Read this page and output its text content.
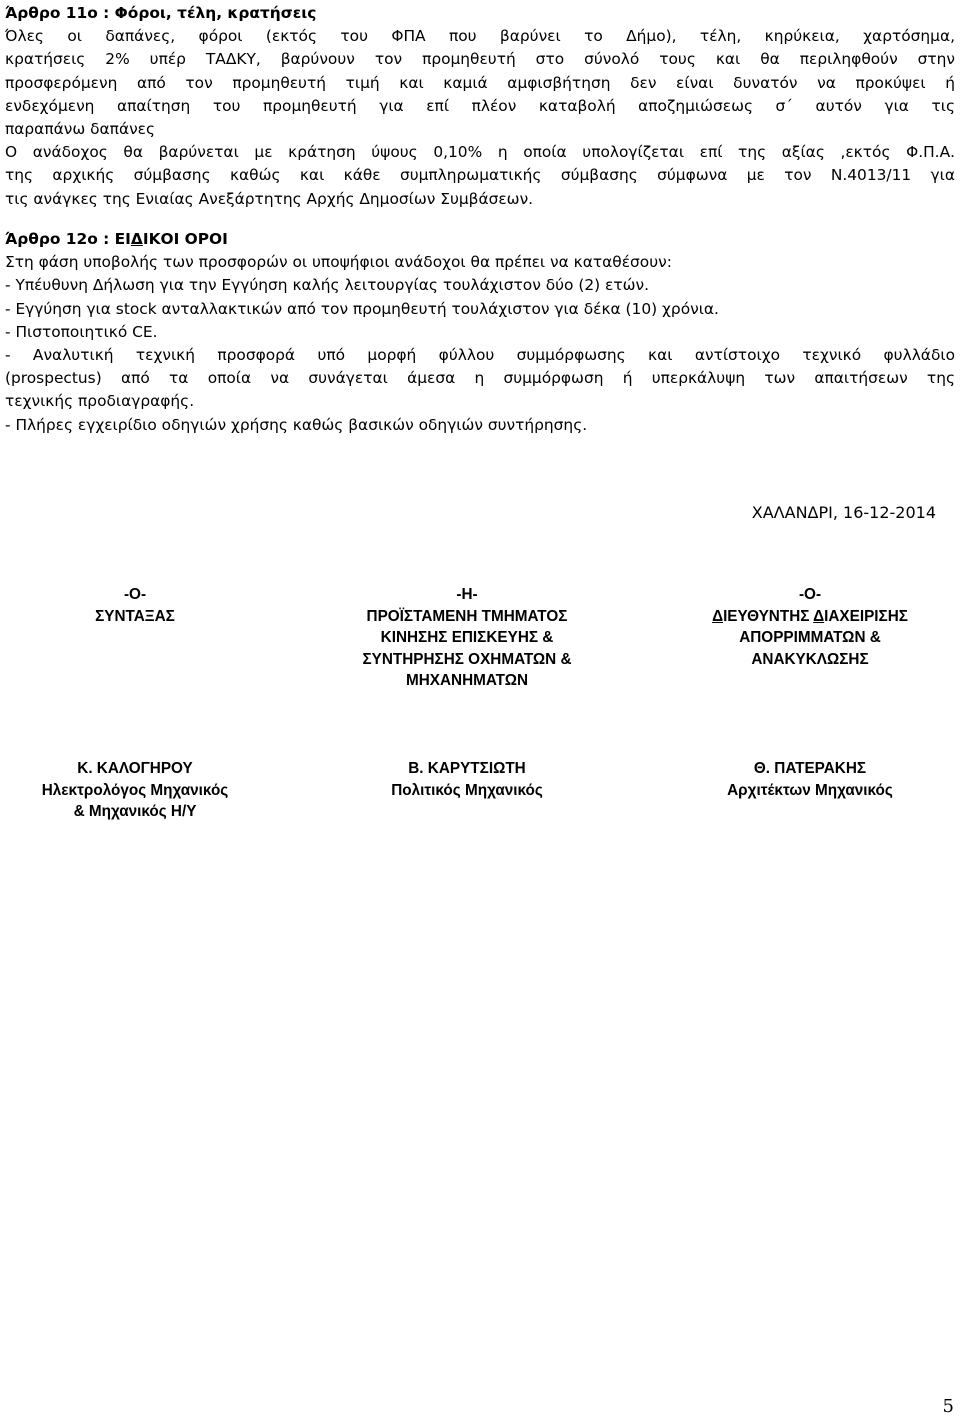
Άρθρο 11ο : Φόροι, τέλη, κρατήσεις
Όλες οι δαπάνες, φόροι (εκτός του ΦΠΑ που βαρύνει το Δήμο), τέλη, κηρύκεια, χαρτόσημα,
κρατήσεις 2% υπέρ ΤΑΔΚΥ, βαρύνουν τον προμηθευτή στο σύνολό τους και θα περιληφθούν στην
προσφερόμενη από τον προμηθευτή τιμή και καμιά αμφισβήτηση δεν είναι δυνατόν να προκύψει ή
ενδεχόμενη απαίτηση του προμηθευτή για επί πλέον καταβολή αποζημιώσεως σ΄ αυτόν για τις
παραπάνω δαπάνες
Ο ανάδοχος θα βαρύνεται με κράτηση ύψους 0,10% η οποία υπολογίζεται επί της αξίας ,εκτός Φ.Π.Α.
της αρχικής σύμβασης καθώς και κάθε συμπληρωματικής σύμβασης σύμφωνα με τον Ν.4013/11 για
τις ανάγκες της Ενιαίας Ανεξάρτητης Αρχής Δημοσίων Συμβάσεων.
Άρθρο 12ο : ΕΙΔΙΚΟΙ ΟΡΟΙ
Στη φάση υποβολής των προσφορών οι υποψήφιοι ανάδοχοι θα πρέπει να καταθέσουν:
- Υπέυθυνη Δήλωση για την Εγγύηση καλής λειτουργίας τουλάχιστον δύο (2) ετών.
- Εγγύηση για stock ανταλλακτικών από τον προμηθευτή τουλάχιστον για δέκα (10) χρόνια.
- Πιστοποιητικό CE.
- Αναλυτική τεχνική προσφορά υπό μορφή φύλλου συμμόρφωσης και αντίστοιχο τεχνικό φυλλάδιο
(prospectus) από τα οποία να συνάγεται άμεσα η συμμόρφωση ή υπερκάλυψη των απαιτήσεων της
τεχνικής προδιαγραφής.
- Πλήρες εγχειρίδιο οδηγιών χρήσης καθώς βασικών οδηγιών συντήρησης.
ΧΑΛΑΝΔΡΙ, 16-12-2014
-Ο-
ΣΥΝΤΑΞΑΣ
Κ. ΚΑΛΟΓΗΡΟΥ
Ηλεκτρολόγος Μηχανικός
& Μηχανικός Η/Υ
-Η-
ΠΡΟΪΣΤΑΜΕΝΗ ΤΜΗΜΑΤΟΣ
ΚΙΝΗΣΗΣ ΕΠΙΣΚΕΥΗΣ &
ΣΥΝΤΗΡΗΣΗΣ ΟΧΗΜΑΤΩΝ &
ΜΗΧΑΝΗΜΑΤΩΝ
Β. ΚΑΡΥΤΣΙΩΤΗ
Πολιτικός Μηχανικός
-Ο-
ΔΙΕΥΘΥΝΤΗΣ ΔΙΑΧΕΙΡΙΣΗΣ
ΑΠΟΡΡΙΜΜΑΤΩΝ &
ΑΝΑΚΥΚΛΩΣΗΣ
Θ. ΠΑΤΕΡΑΚΗΣ
Αρχιτέκτων Μηχανικός
5
